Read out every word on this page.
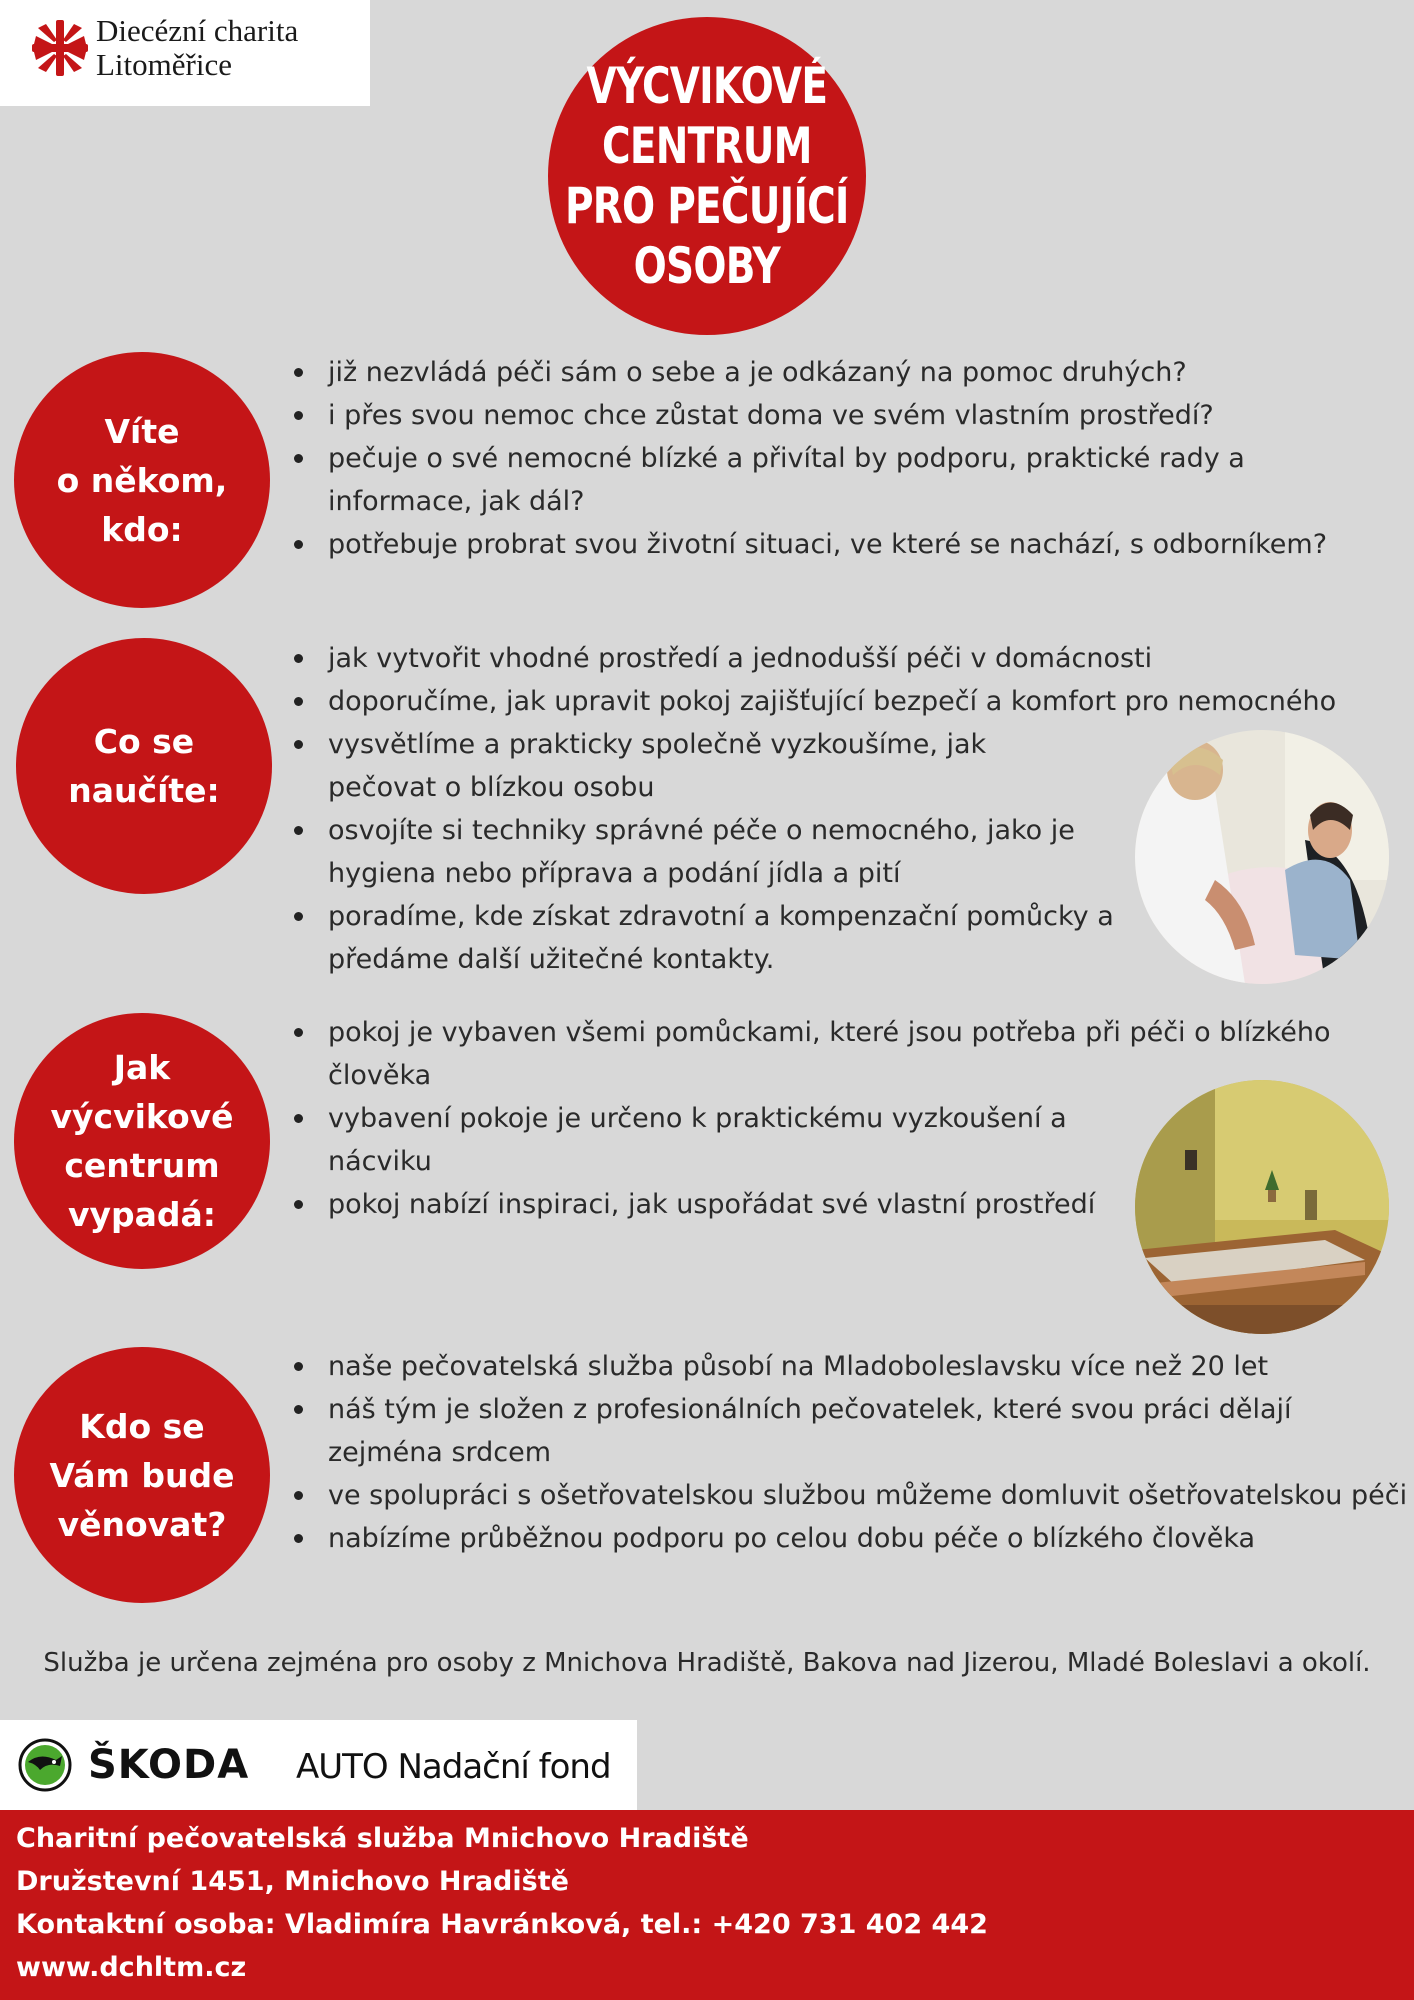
Diecézní charita
Litoměřice	VÝCVIKOVÉ
CENTRUM
PRO PEČUJÍCÍ
OSOBY
Víte
o někom,
kdo:
již nezvládá péči sám o sebe a je odkázaný na pomoc druhých?
i přes svou nemoc chce zůstat doma ve svém vlastním prostředí?
pečuje o své nemocné blízké a přivítal by podporu, praktické rady a informace, jak dál?
potřebuje probrat svou životní situaci, ve které se nachází, s odborníkem?
Co se
naučíte:
jak vytvořit vhodné prostředí a jednodušší péči v domácnosti
doporučíme, jak upravit pokoj zajišťující bezpečí a komfort pro nemocného
vysvětlíme a prakticky společně vyzkoušíme, jak pečovat o blízkou osobu
osvojíte si techniky správné péče o nemocného, jako je hygiena nebo příprava a podání jídla a pití
poradíme, kde získat zdravotní a kompenzační pomůcky a předáme další užitečné kontakty.
Jak
výcvikové
centrum
vypadá:
pokoj je vybaven všemi pomůckami, které jsou potřeba při péči o blízkého člověka
vybavení pokoje je určeno k praktickému vyzkoušení a nácviku
pokoj nabízí inspiraci, jak uspořádat své vlastní prostředí
Kdo se
Vám bude
věnovat?
naše pečovatelská služba působí na Mladoboleslavsku více než 20 let
náš tým je složen z profesionálních pečovatelek, které svou práci dělají zejména srdcem
ve spolupráci s ošetřovatelskou službou můžeme domluvit ošetřovatelskou péči
nabízíme průběžnou podporu po celou dobu péče o blízkého člověka
Služba je určena zejména pro osoby z Mnichova Hradiště, Bakova nad Jizerou, Mladé Boleslavi a okolí.
ŠKODA AUTO Nadační fond
Charitní pečovatelská služba Mnichovo Hradiště
Družstevní 1451, Mnichovo Hradiště
Kontaktní osoba: Vladimíra Havránková, tel.: +420 731 402 442
www.dchltm.cz
